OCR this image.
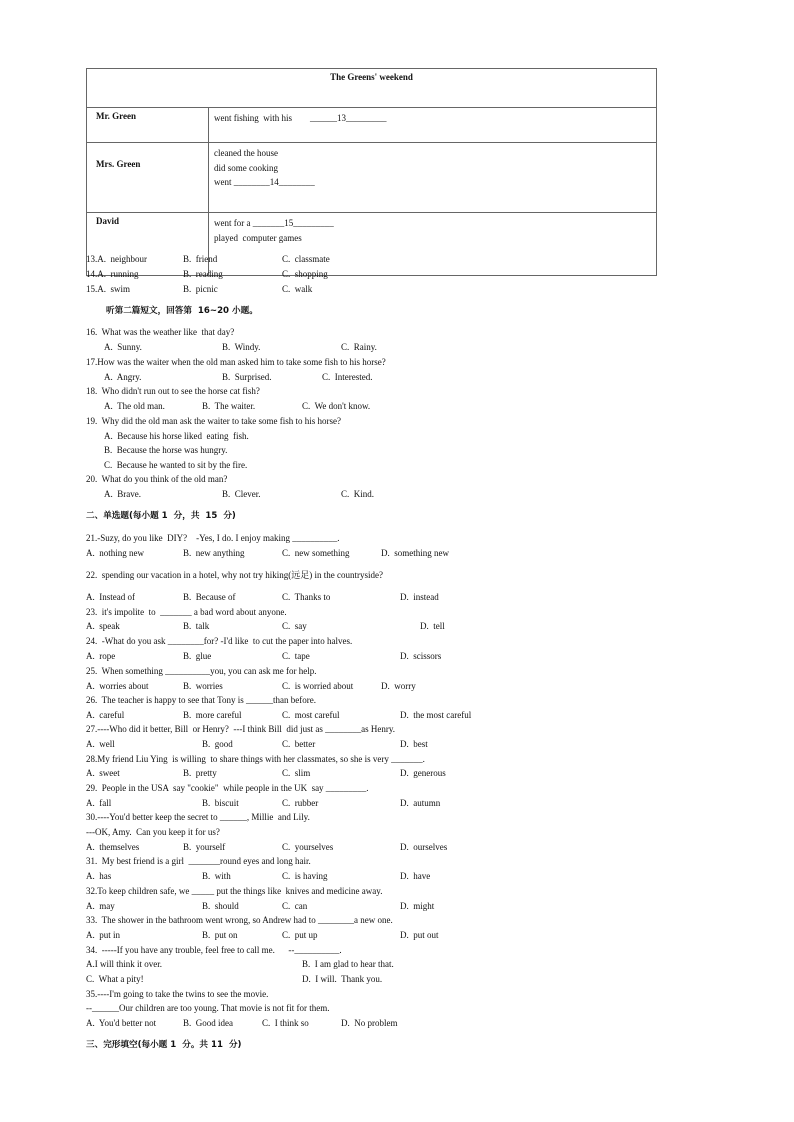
The Greens' weekend	
Mr. Green	went fishing  with his        ______13_________

Mrs. Green	cleaned the house
did some cooking
went ________14________

David	went for a _______15_________
played  computer games
13.A.  neighbour	B.  friend	C.  classmate
14.A.  running	B.  reading	C.  shopping
15.A.  swim	B.  picnic	C.  walk
听第二篇短文，回答第  16~20 小题。
16.  What was the weather like  that day?
A.  Sunny.	B.  Windy.	C.  Rainy.
17.How was the waiter when the old man asked him to take some fish to his horse?
A.  Angry.	B.  Surprised.	C.  Interested.
18.  Who didn't run out to see the horse cat fish?
A.  The old man.	B.  The waiter.	C.  We don't know.
19.  Why did the old man ask the waiter to take some fish to his horse?
A.  Because his horse liked  eating  fish.
B.  Because the horse was hungry.
C.  Because he wanted to sit by the fire.
20.  What do you think of the old man?
A.  Brave.	B.  Clever.	C.  Kind.
二、单选题(每小题 1  分，共  15  分)
21.-Suzy, do you like  DIY?    -Yes, I do. I enjoy making __________.
A.  nothing new	B.  new anything	C.  new something	D.  something new
22.  spending our vacation in a hotel, why not try hiking(远足) in the countryside?
A.  Instead of	B.  Because of	C.  Thanks to	D.  instead
23.  it's impolite  to  _______ a bad word about anyone.
A.  speak	B.  talk	C.  say	D.  tell
24.  -What do you ask ________for? -I'd like  to cut the paper into halves.
A.  rope	B.  glue	C.  tape	D.  scissors
25.  When something __________you, you can ask me for help.
A.  worries about	B.  worries	C.  is worried about	D.  worry
26.  The teacher is happy to see that Tony is ______than before.
A.  careful	B.  more careful	C.  most careful	D.  the most careful
27.----Who did it better, Bill  or Henry?  ---I think Bill  did just as ________as Henry.
A.  well	B.  good	C.  better	D.  best
28.My friend Liu Ying  is willing  to share things with her classmates, so she is very _______.
A.  sweet	B.  pretty	C.  slim	D.  generous
29.  People in the USA  say "cookie"  while people in the UK  say _________.
A.  fall	B.  biscuit	C.  rubber	D.  autumn
30.----You'd better keep the secret to ______, Millie  and Lily.
---OK, Amy.  Can you keep it for us?
A.  themselves	B.  yourself	C.  yourselves	D.  ourselves
31.  My best friend is a girl  _______round eyes and long hair.
A.  has	B.  with	C.  is having	D.  have
32.To keep children safe, we _____ put the things like  knives and medicine away.
A.  may	B.  should	C.  can	D.  might
33.  The shower in the bathroom went wrong, so Andrew had to ________a new one.
A.  put in	B.  put on	C.  put up	D.  put out
34.  -----If you have any trouble, feel free to call me.      --__________.
A.I will think it over.	B.  I am glad to hear that.
C.  What a pity!	D.  I will.  Thank you.
35.----I'm going to take the twins to see the movie.
--______Our children are too young. That movie is not fit for them.
A.  You'd better not	B.  Good idea	C.  I think so	D.  No problem
三、完形填空(每小题 1  分。共 11  分)
